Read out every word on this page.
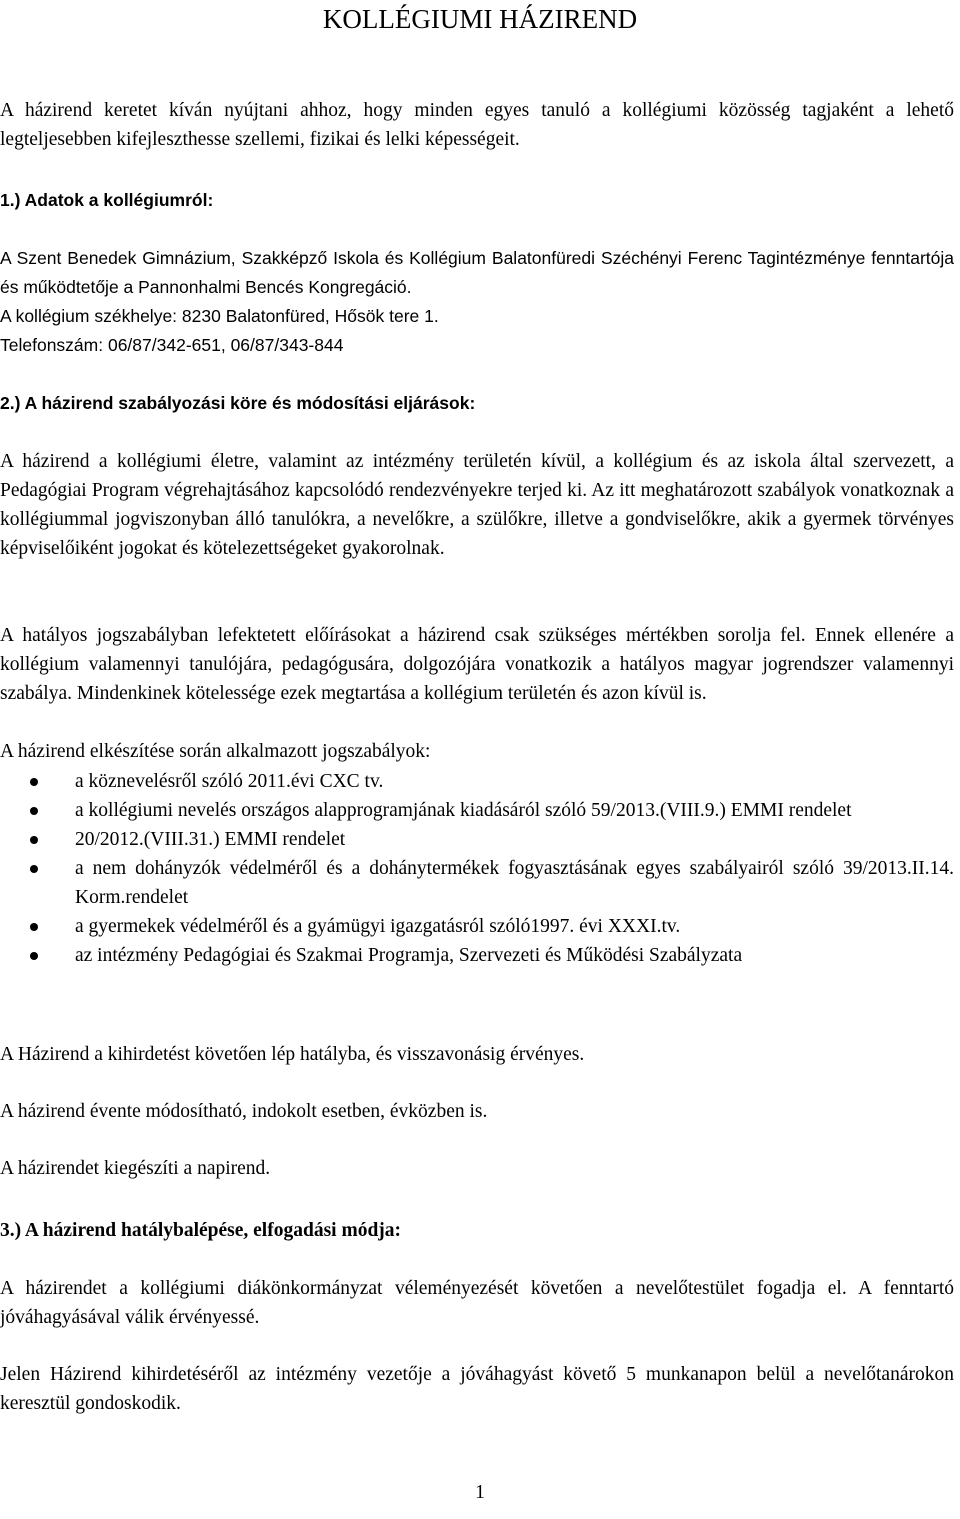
KOLLÉGIUMI HÁZIREND

A házirend keretet kíván nyújtani ahhoz, hogy minden egyes tanuló a kollégiumi közösség tagjaként a lehető legteljesebben kifejleszthesse szellemi, fizikai és lelki képességeit.

1.) Adatok a kollégiumról:

A Szent Benedek Gimnázium, Szakképző Iskola és Kollégium Balatonfüredi Széchényi Ferenc Tagintézménye fenntartója és működtetője a Pannonhalmi Bencés Kongregáció.

A kollégium székhelye: 8230 Balatonfüred, Hősök tere 1.

Telefonszám: 06/87/342-651, 06/87/343-844

2.) A házirend szabályozási köre és módosítási eljárások:

A házirend a kollégiumi életre, valamint az intézmény területén kívül, a kollégium és az iskola által szervezett, a Pedagógiai Program végrehajtásához kapcsolódó rendezvényekre terjed ki. Az itt meghatározott szabályok vonatkoznak a kollégiummal jogviszonyban álló tanulókra, a nevelőkre, a szülőkre, illetve a gondviselőkre, akik a gyermek törvényes képviselőiként jogokat és kötelezettségeket gyakorolnak.

A hatályos jogszabályban lefektetett előírásokat a házirend csak szükséges mértékben sorolja fel. Ennek ellenére a kollégium valamennyi tanulójára, pedagógusára, dolgozójára vonatkozik a hatályos magyar jogrendszer valamennyi szabálya. Mindenkinek kötelessége ezek megtartása a kollégium területén és azon kívül is.

A házirend elkészítése során alkalmazott jogszabályok:

a köznevelésről szóló 2011.évi CXC tv.
a kollégiumi nevelés országos alapprogramjának kiadásáról szóló 59/2013.(VIII.9.) EMMI rendelet
20/2012.(VIII.31.) EMMI rendelet
a nem dohányzók védelméről és a dohánytermékek fogyasztásának egyes szabályairól szóló 39/2013.II.14. Korm.rendelet
a gyermekek védelméről és a gyámügyi igazgatásról szóló1997. évi XXXI.tv.
az intézmény Pedagógiai és Szakmai Programja, Szervezeti és Működési Szabályzata

A Házirend a kihirdetést követően lép hatályba, és visszavonásig érvényes.

A házirend évente módosítható, indokolt esetben, évközben is.

A házirendet kiegészíti a napirend.

3.) A házirend hatálybalépése, elfogadási módja:

A házirendet a kollégiumi diákönkormányzat véleményezését követően a nevelőtestület fogadja el. A fenntartó jóváhagyásával válik érvényessé.

Jelen Házirend kihirdetéséről az intézmény vezetője a jóváhagyást követő 5 munkanapon belül a nevelőtanárokon keresztül gondoskodik.

1
